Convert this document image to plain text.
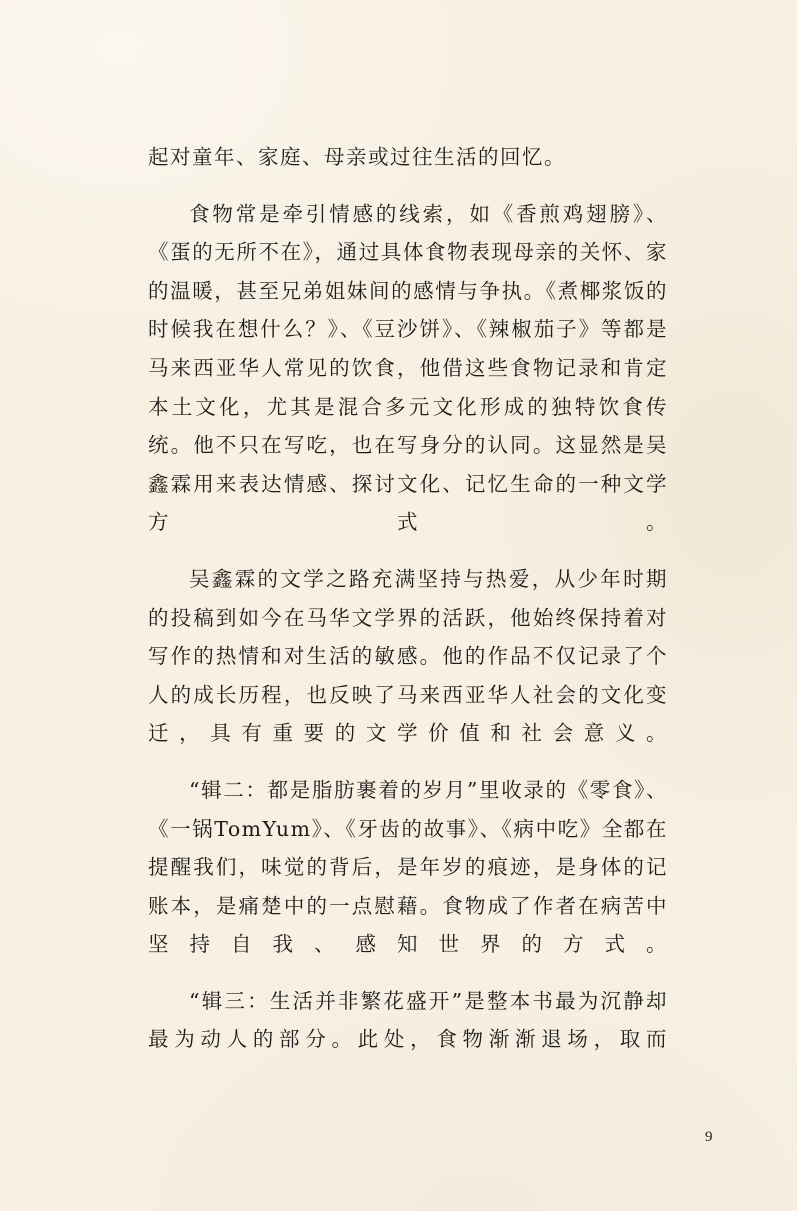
起对童年、家庭、母亲或过往生活的回忆。

食物常是牵引情感的线索，如《香煎鸡翅膀》、《蛋的无所不在》，通过具体食物表现母亲的关怀、家的温暖，甚至兄弟姐妹间的感情与争执。《煮椰浆饭的时候我在想什么？》、《豆沙饼》、《辣椒茄子》等都是马来西亚华人常见的饮食，他借这些食物记录和肯定本土文化，尤其是混合多元文化形成的独特饮食传统。他不只在写吃，也在写身分的认同。这显然是吴鑫霖用来表达情感、探讨文化、记忆生命的一种文学方式。

吴鑫霖的文学之路充满坚持与热爱，从少年时期的投稿到如今在马华文学界的活跃，他始终保持着对写作的热情和对生活的敏感。他的作品不仅记录了个人的成长历程，也反映了马来西亚华人社会的文化变迁，具有重要的文学价值和社会意义。

“辑二：都是脂肪裹着的岁月”里收录的《零食》、《一锅TomYum》、《牙齿的故事》、《病中吃》全都在提醒我们，味觉的背后，是年岁的痕迹，是身体的记账本，是痛楚中的一点慰藉。食物成了作者在病苦中坚持自我、感知世界的方式。

“辑三：生活并非繁花盛开”是整本书最为沉静却最为动人的部分。此处，食物渐渐退场，取而

9
